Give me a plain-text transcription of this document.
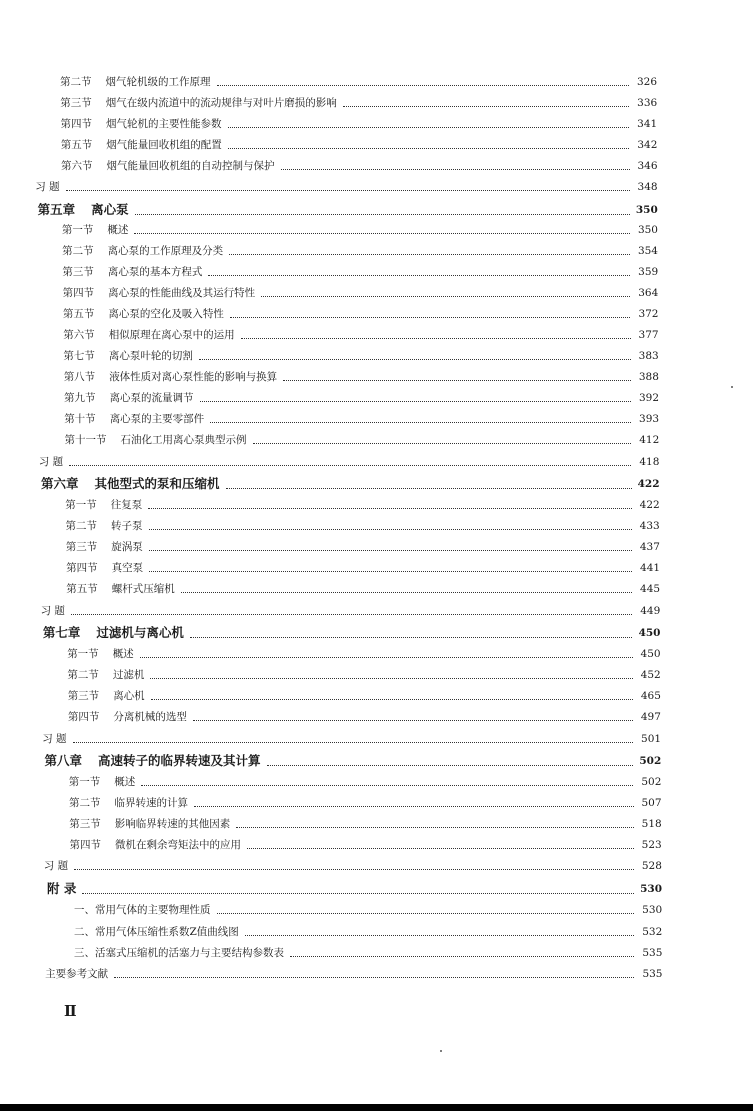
第二节 烟气轮机级的工作原理	326
第三节 烟气在级内流道中的流动规律与对叶片磨损的影响	336
第四节 烟气轮机的主要性能参数	341
第五节 烟气能量回收机组的配置	342
第六节 烟气能量回收机组的自动控制与保护	346
习 题	348
第五章 离心泵	350
第一节 概述	350
第二节 离心泵的工作原理及分类	354
第三节 离心泵的基本方程式	359
第四节 离心泵的性能曲线及其运行特性	364
第五节 离心泵的空化及吸入特性	372
第六节 相似原理在离心泵中的运用	377
第七节 离心泵叶轮的切割	383
第八节 液体性质对离心泵性能的影响与换算	388
第九节 离心泵的流量调节	392
第十节 离心泵的主要零部件	393
第十一节 石油化工用离心泵典型示例	412
习 题	418
第六章 其他型式的泵和压缩机	422
第一节 往复泵	422
第二节 转子泵	433
第三节 旋涡泵	437
第四节 真空泵	441
第五节 螺杆式压缩机	445
习 题	449
第七章 过滤机与离心机	450
第一节 概述	450
第二节 过滤机	452
第三节 离心机	465
第四节 分离机械的选型	497
习 题	501
第八章 高速转子的临界转速及其计算	502
第一节 概述	502
第二节 临界转速的计算	507
第三节 影响临界转速的其他因素	518
第四节 微机在剩余弯矩法中的应用	523
习 题	528
附 录	530
一、常用气体的主要物理性质	530
二、常用气体压缩性系数Z值曲线图	532
三、活塞式压缩机的活塞力与主要结构参数表	535
主要参考文献	535
Ⅱ
